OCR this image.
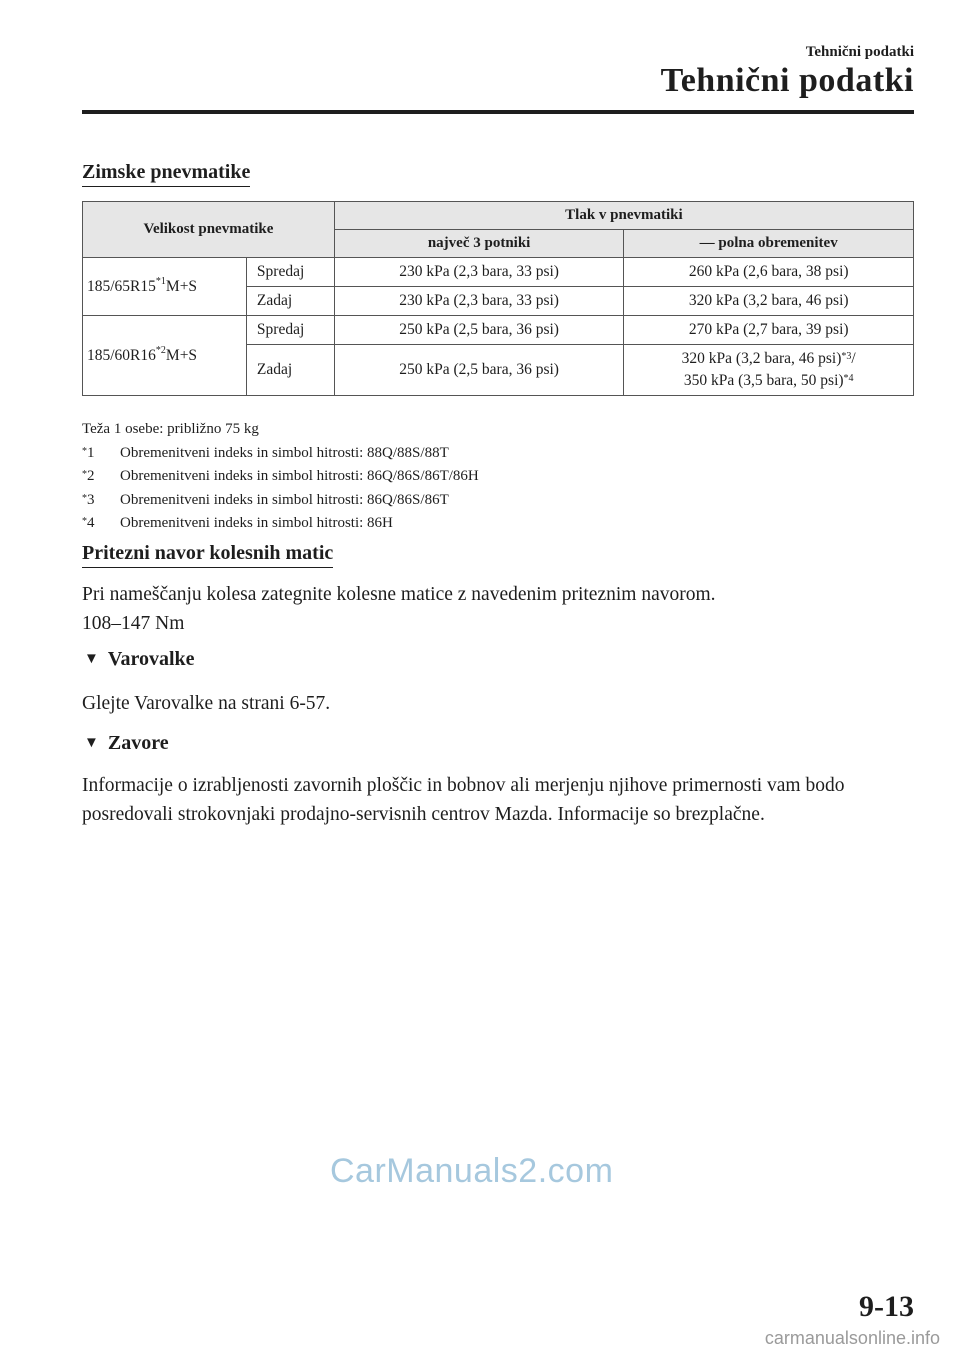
Tehnični podatki
Tehnični podatki
Zimske pnevmatike
Velikost pnevmatike		Tlak v pnevmatiki	
		največ 3 potniki	— polna obremenitev
$185/65R15^{*1}M+S$	Spredaj	230 kPa (2,3 bara, 33 psi)	260 kPa (2,6 bara, 38 psi)
	Zadaj	230 kPa (2,3 bara, 33 psi)	320 kPa (3,2 bara, 46 psi)
$185/60R16^{*2}M+S$	Spredaj	250 kPa (2,5 bara, 36 psi)	270 kPa (2,7 bara, 39 psi)
	Zadaj	250 kPa (2,5 bara, 36 psi)	320 kPa (3,2 bara, 46 psi)$^{*3}$/
350 kPa (3,5 bara, 50 psi)$^{*4}$
Teža 1 osebe: približno 75 kg
*1	Obremenitveni indeks in simbol hitrosti: 88Q/88S/88T
*2	Obremenitveni indeks in simbol hitrosti: 86Q/86S/86T/86H
*3	Obremenitveni indeks in simbol hitrosti: 86Q/86S/86T
*4	Obremenitveni indeks in simbol hitrosti: 86H
Pritezni navor kolesnih matic
Pri nameščanju kolesa zategnite kolesne matice z navedenim priteznim navorom.
108–147 Nm
▼ Varovalke
Glejte Varovalke na strani 6-57.
▼ Zavore
Informacije o izrabljenosti zavornih ploščic in bobnov ali merjenju njihove primernosti vam bodo posredovali strokovnjaki prodajno-servisnih centrov Mazda. Informacije so brezplačne.
CarManuals2.com
9-13
carmanualsonline.info
